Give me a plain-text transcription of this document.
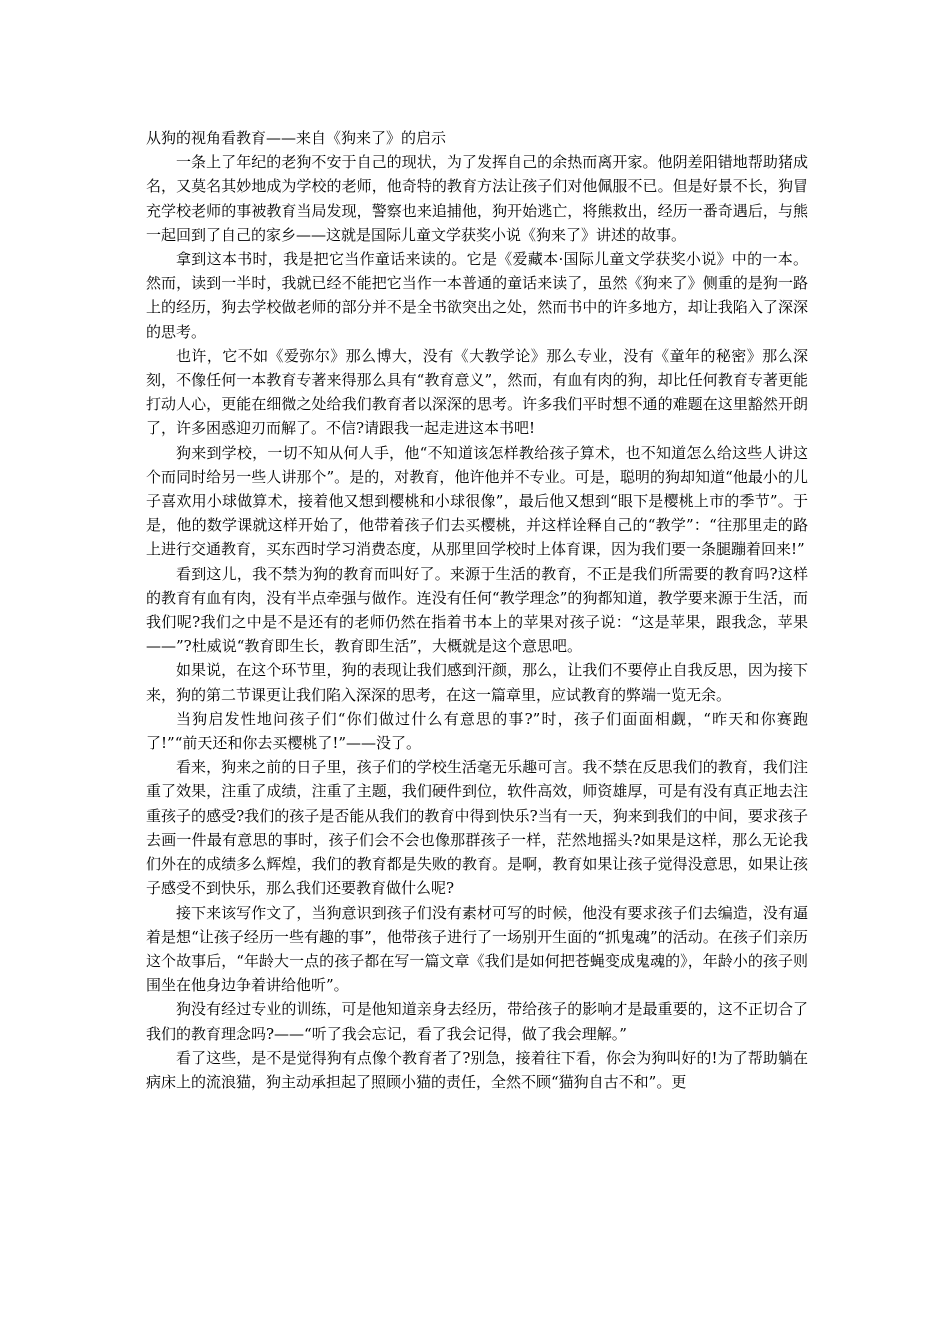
从狗的视角看教育——来自《狗来了》的启示

一条上了年纪的老狗不安于自己的现状，为了发挥自己的余热而离开家。他阴差阳错地帮助猪成名，又莫名其妙地成为学校的老师，他奇特的教育方法让孩子们对他佩服不已。但是好景不长，狗冒充学校老师的事被教育当局发现，警察也来追捕他，狗开始逃亡，将熊救出，经历一番奇遇后，与熊一起回到了自己的家乡——这就是国际儿童文学获奖小说《狗来了》讲述的故事。

拿到这本书时，我是把它当作童话来读的。它是《爱藏本·国际儿童文学获奖小说》中的一本。然而，读到一半时，我就已经不能把它当作一本普通的童话来读了，虽然《狗来了》侧重的是狗一路上的经历，狗去学校做老师的部分并不是全书欲突出之处，然而书中的许多地方，却让我陷入了深深的思考。

也许，它不如《爱弥尔》那么博大，没有《大教学论》那么专业，没有《童年的秘密》那么深刻，不像任何一本教育专著来得那么具有“教育意义”，然而，有血有肉的狗，却比任何教育专著更能打动人心，更能在细微之处给我们教育者以深深的思考。许多我们平时想不通的难题在这里豁然开朗了，许多困惑迎刃而解了。不信?请跟我一起走进这本书吧!

狗来到学校，一切不知从何人手，他“不知道该怎样教给孩子算术，也不知道怎么给这些人讲这个而同时给另一些人讲那个”。是的，对教育，他许他并不专业。可是，聪明的狗却知道“他最小的儿子喜欢用小球做算术，接着他又想到樱桃和小球很像”，最后他又想到“眼下是樱桃上市的季节”。于是，他的数学课就这样开始了，他带着孩子们去买樱桃，并这样诠释自己的“教学”：“往那里走的路上进行交通教育，买东西时学习消费态度，从那里回学校时上体育课，因为我们要一条腿蹦着回来!”

看到这儿，我不禁为狗的教育而叫好了。来源于生活的教育，不正是我们所需要的教育吗?这样的教育有血有肉，没有半点牵强与做作。连没有任何“教学理念”的狗都知道，教学要来源于生活，而我们呢?我们之中是不是还有的老师仍然在指着书本上的苹果对孩子说：“这是苹果，跟我念，苹果——”?杜威说“教育即生长，教育即生活”，大概就是这个意思吧。

如果说，在这个环节里，狗的表现让我们感到汗颜，那么，让我们不要停止自我反思，因为接下来，狗的第二节课更让我们陷入深深的思考，在这一篇章里，应试教育的弊端一览无余。

当狗启发性地问孩子们“你们做过什么有意思的事?”时，孩子们面面相觑，“昨天和你赛跑了!”“前天还和你去买樱桃了!”——没了。

看来，狗来之前的日子里，孩子们的学校生活毫无乐趣可言。我不禁在反思我们的教育，我们注重了效果，注重了成绩，注重了主题，我们硬件到位，软件高效，师资雄厚，可是有没有真正地去注重孩子的感受?我们的孩子是否能从我们的教育中得到快乐?当有一天，狗来到我们的中间，要求孩子去画一件最有意思的事时，孩子们会不会也像那群孩子一样，茫然地摇头?如果是这样，那么无论我们外在的成绩多么辉煌，我们的教育都是失败的教育。是啊，教育如果让孩子觉得没意思，如果让孩子感受不到快乐，那么我们还要教育做什么呢?

接下来该写作文了，当狗意识到孩子们没有素材可写的时候，他没有要求孩子们去编造，没有逼着是想“让孩子经历一些有趣的事”，他带孩子进行了一场别开生面的“抓鬼魂”的活动。在孩子们亲历这个故事后，“年龄大一点的孩子都在写一篇文章《我们是如何把苍蝇变成鬼魂的》，年龄小的孩子则围坐在他身边争着讲给他听”。

狗没有经过专业的训练，可是他知道亲身去经历，带给孩子的影响才是最重要的，这不正切合了我们的教育理念吗?——“听了我会忘记，看了我会记得，做了我会理解。”

看了这些，是不是觉得狗有点像个教育者了?别急，接着往下看，你会为狗叫好的!为了帮助躺在病床上的流浪猫，狗主动承担起了照顾小猫的责任，全然不顾“猫狗自古不和”。更
